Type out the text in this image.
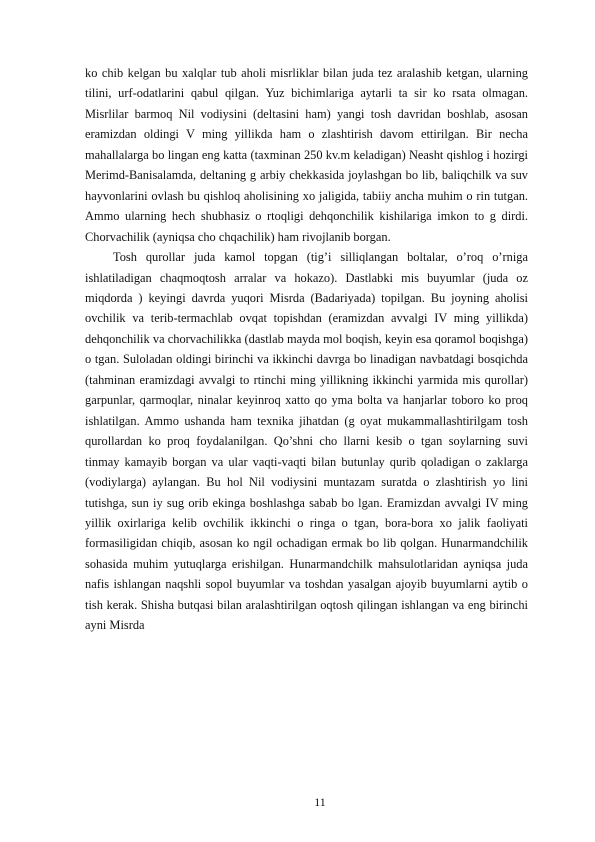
ko chib kelgan bu xalqlar tub aholi misrliklar bilan juda tez aralashib ketgan, ularning tilini, urf-odatlarini qabul qilgan. Yuz bichimlariga aytarli ta sir ko rsata olmagan. Misrlilar barmoq Nil vodiysini (deltasini ham) yangi tosh davridan boshlab, asosan eramizdan oldingi V ming yillikda ham o zlashtirish davom ettirilgan. Bir necha mahallalarga bo lingan eng katta (taxminan 250 kv.m keladigan) Neasht qishlog i hozirgi Merimd-Banisalamda, deltaning g arbiy chekkasida joylashgan bo lib, baliqchilk va suv hayvonlarini ovlash bu qishloq aholisining xo jaligida, tabiiy ancha muhim o rin tutgan. Ammo ularning hech shubhasiz o rtoqligi dehqonchilik kishilariga imkon to g dirdi. Chorvachilik (ayniqsa cho chqachilik) ham rivojlanib borgan.

Tosh qurollar juda kamol topgan (tig’i silliqlangan boltalar, o’roq o’rniga ishlatiladigan chaqmoqtosh arralar va hokazo). Dastlabki mis buyumlar (juda oz miqdorda ) keyingi davrda yuqori Misrda (Badariyada) topilgan. Bu joyning aholisi ovchilik va terib-termachlab ovqat topishdan (eramizdan avvalgi IV ming yillikda) dehqonchilik va chorvachilikka (dastlab mayda mol boqish, keyin esa qoramol boqishga) o tgan. Suloladan oldingi birinchi va ikkinchi davrga bo linadigan navbatdagi bosqichda (tahminan eramizdagi avvalgi to rtinchi ming yillikning ikkinchi yarmida mis qurollar) garpunlar, qarmoqlar, ninalar keyinroq xatto qo yma bolta va hanjarlar toboro ko proq ishlatilgan. Ammo ushanda ham texnika jihatdan (g oyat mukammallashtirilgam tosh qurollardan ko proq foydalanilgan. Qo’shni cho llarni kesib o tgan soylarning suvi tinmay kamayib borgan va ular vaqti-vaqti bilan butunlay qurib qoladigan o zaklarga (vodiylarga) aylangan. Bu hol Nil vodiysini muntazam suratda o zlashtirish yo lini tutishga, sun iy sug orib ekinga boshlashga sabab bo lgan. Eramizdan avvalgi IV ming yillik oxirlariga kelib ovchilik ikkinchi o ringa o tgan, bora-bora xo jalik faoliyati formasiligidan chiqib, asosan ko ngil ochadigan ermak bo lib qolgan. Hunarmandchilik sohasida muhim yutuqlarga erishilgan. Hunarmandchilk mahsulotlaridan ayniqsa juda nafis ishlangan naqshli sopol buyumlar va toshdan yasalgan ajoyib buyumlarni aytib o tish kerak. Shisha butqasi bilan aralashtirilgan oqtosh qilingan ishlangan va eng birinchi ayni Misrda

11
